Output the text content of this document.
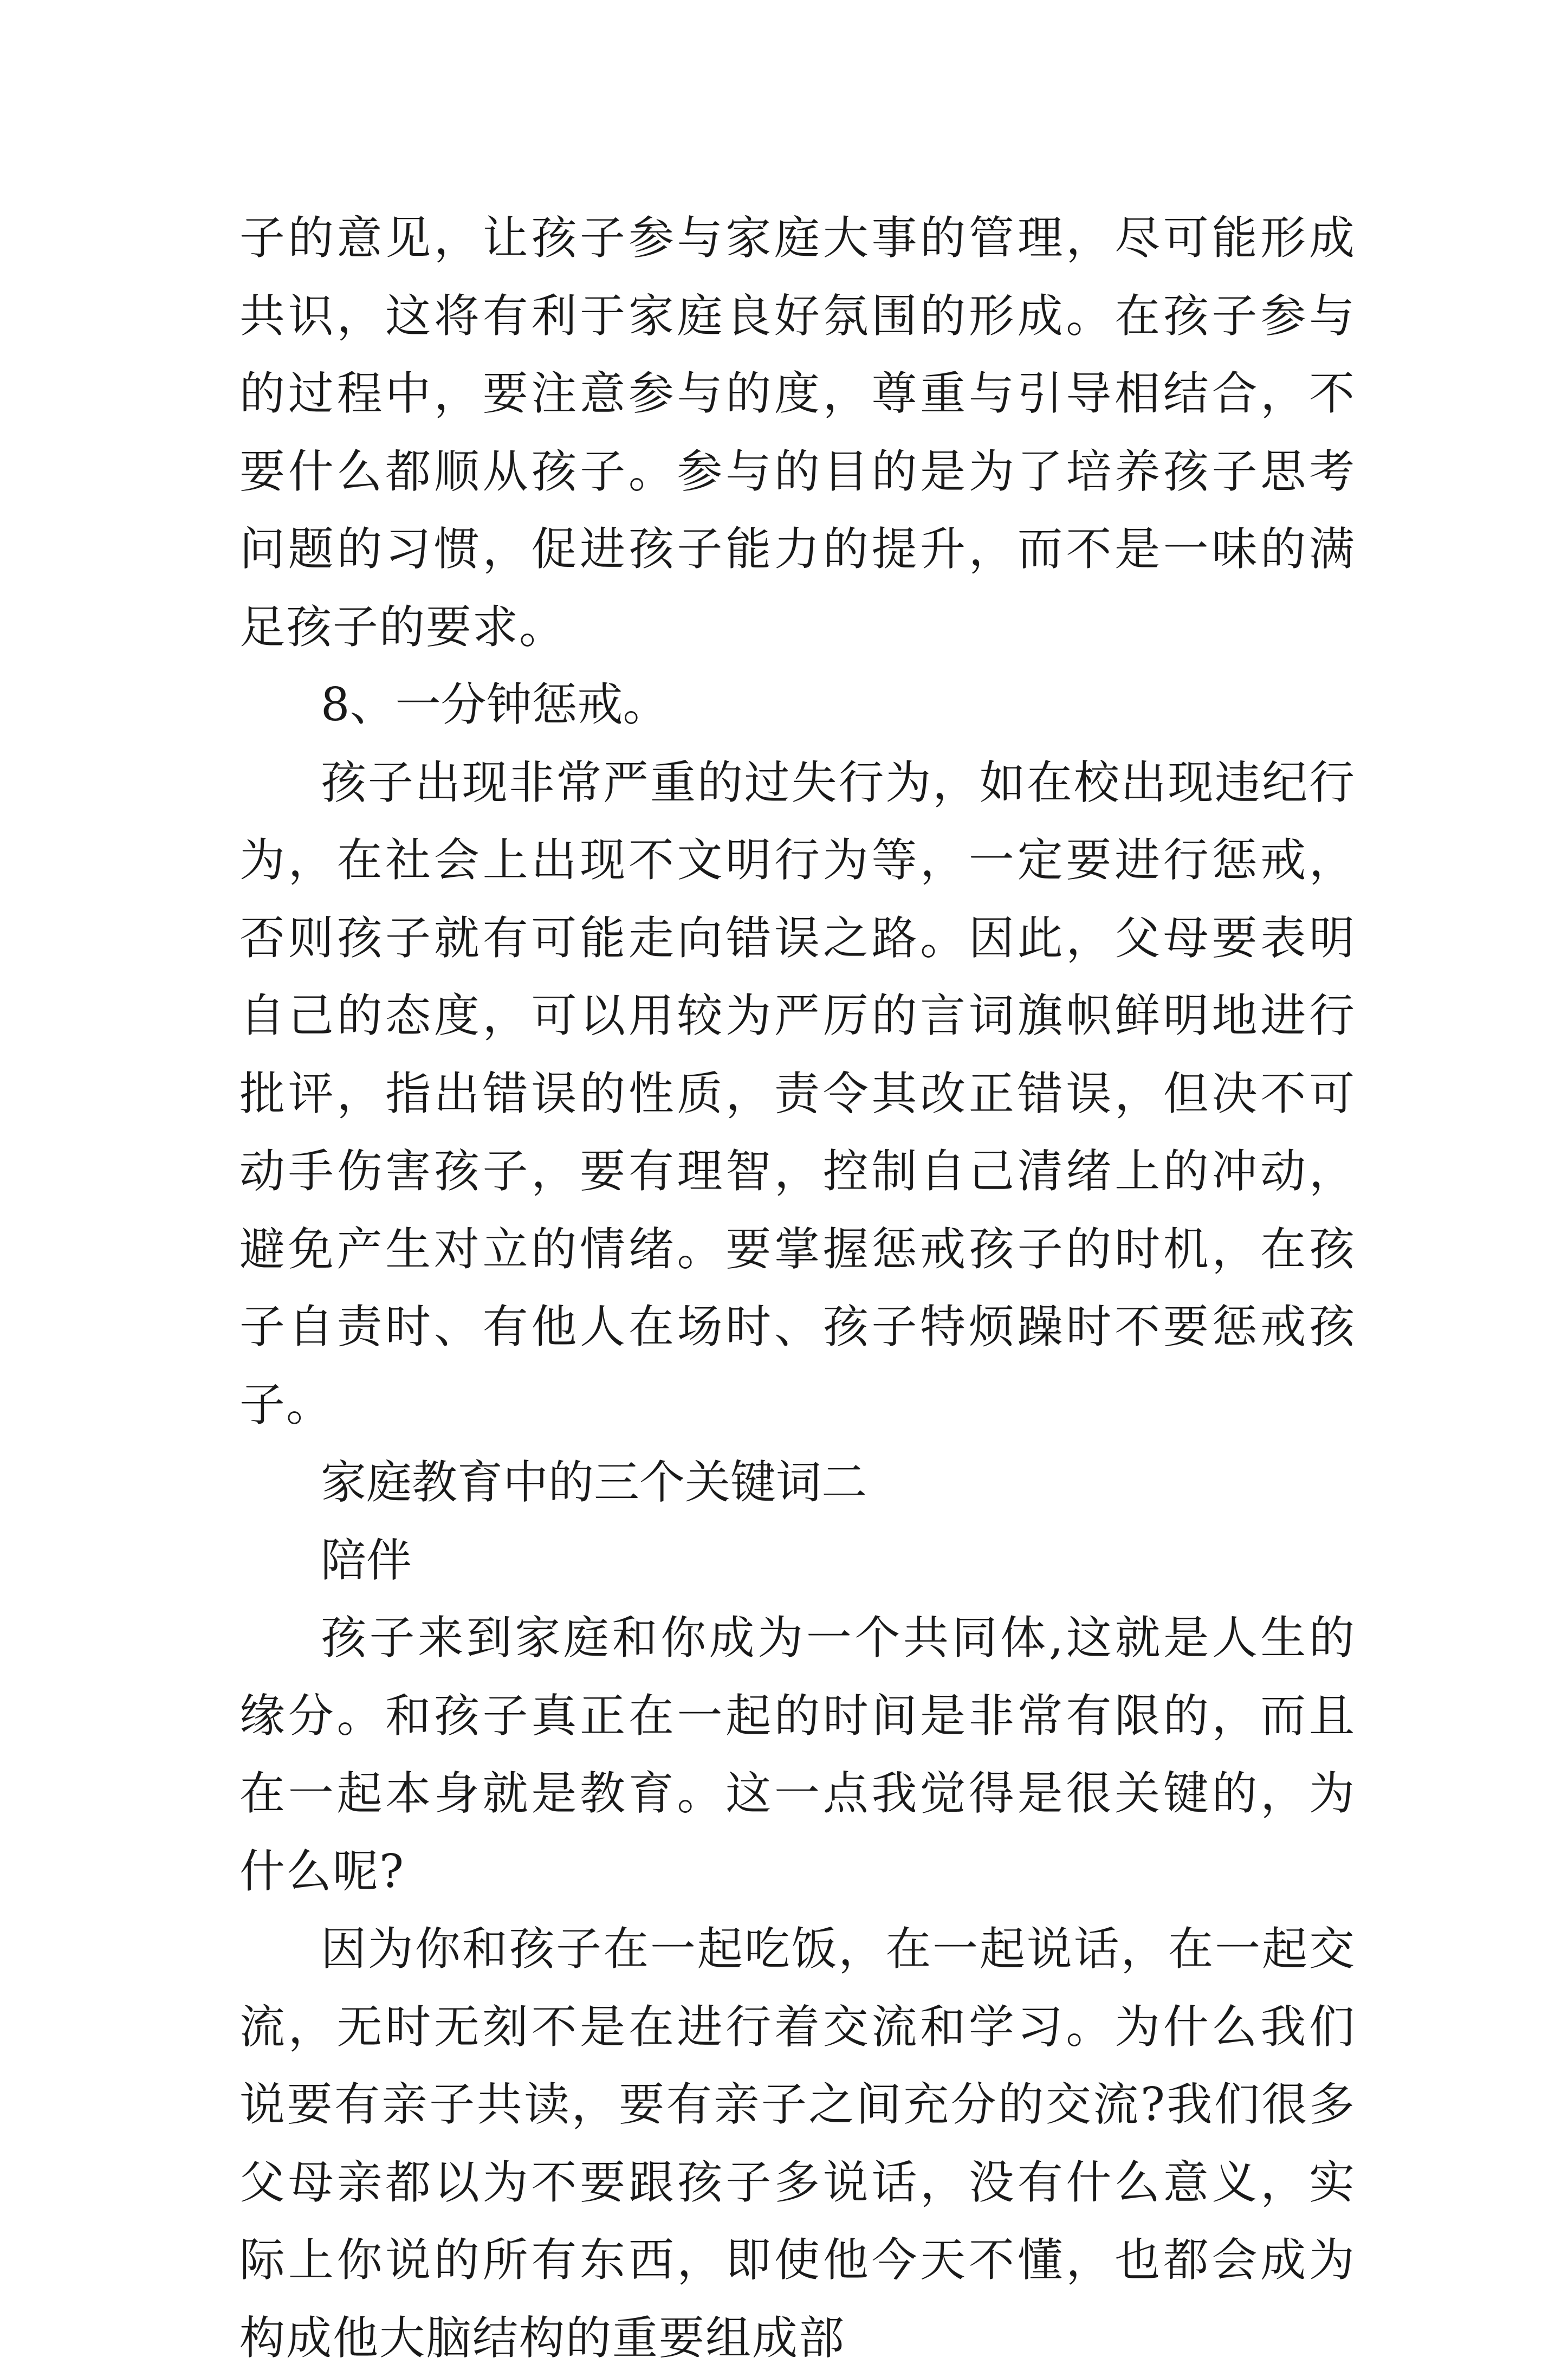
子的意见，让孩子参与家庭大事的管理，尽可能形成共识，这将有利于家庭良好氛围的形成。在孩子参与的过程中，要注意参与的度，尊重与引导相结合，不要什么都顺从孩子。参与的目的是为了培养孩子思考问题的习惯，促进孩子能力的提升，而不是一味的满足孩子的要求。

8、一分钟惩戒。

孩子出现非常严重的过失行为，如在校出现违纪行为，在社会上出现不文明行为等，一定要进行惩戒，否则孩子就有可能走向错误之路。因此，父母要表明自己的态度，可以用较为严厉的言词旗帜鲜明地进行批评，指出错误的性质，责令其改正错误，但决不可动手伤害孩子，要有理智，控制自己清绪上的冲动，避免产生对立的情绪。要掌握惩戒孩子的时机，在孩子自责时、有他人在场时、孩子特烦躁时不要惩戒孩子。

家庭教育中的三个关键词二

陪伴

孩子来到家庭和你成为一个共同体,这就是人生的缘分。和孩子真正在一起的时间是非常有限的，而且在一起本身就是教育。这一点我觉得是很关键的，为什么呢?

因为你和孩子在一起吃饭，在一起说话，在一起交流，无时无刻不是在进行着交流和学习。为什么我们说要有亲子共读，要有亲子之间充分的交流?我们很多父母亲都以为不要跟孩子多说话，没有什么意义，实际上你说的所有东西，即使他今天不懂，也都会成为构成他大脑结构的重要组成部
